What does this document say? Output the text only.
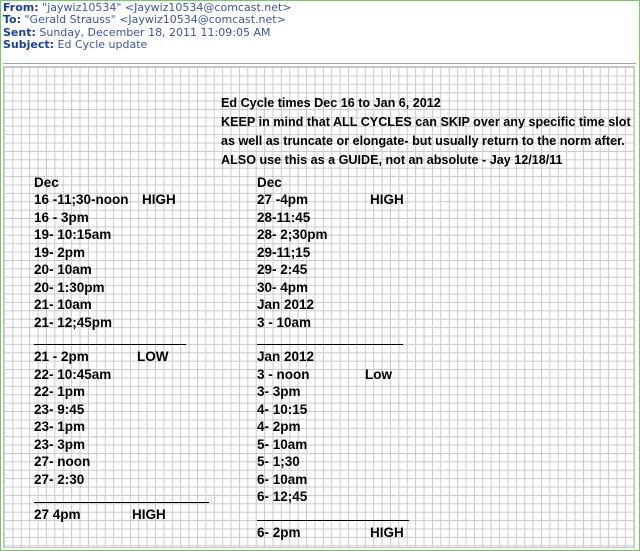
From: "jaywiz10534" <Jaywiz10534@comcast.net>
To: "Gerald Strauss" <Jaywiz10534@comcast.net>
Sent: Sunday, December 18, 2011 11:09:05 AM
Subject: Ed Cycle update
Ed Cycle times Dec 16 to Jan 6, 2012
KEEP in mind that ALL CYCLES can SKIP over any specific time slot
as well as truncate or elongate- but usually return to the norm after.
ALSO use this as a GUIDE, not an absolute - Jay 12/18/11
Dec
16 -11;30-noon HIGH
16 - 3pm
19- 10:15am
19- 2pm
20- 10am
20- 1:30pm
21- 10am
21- 12;45pm
21 - 2pm	LOW
22- 10:45am
22- 1pm
23- 9:45
23- 1pm
23- 3pm
27- noon
27- 2:30
27 4pm	HIGH
Dec
27 -4pm	HIGH
28-11:45
28- 2;30pm
29-11;15
29- 2:45
30- 4pm
Jan 2012
3 - 10am
Jan 2012
3 - noon	Low
3- 3pm
4- 10:15
4- 2pm
5- 10am
5- 1;30
6- 10am
6- 12;45
6- 2pm	HIGH
